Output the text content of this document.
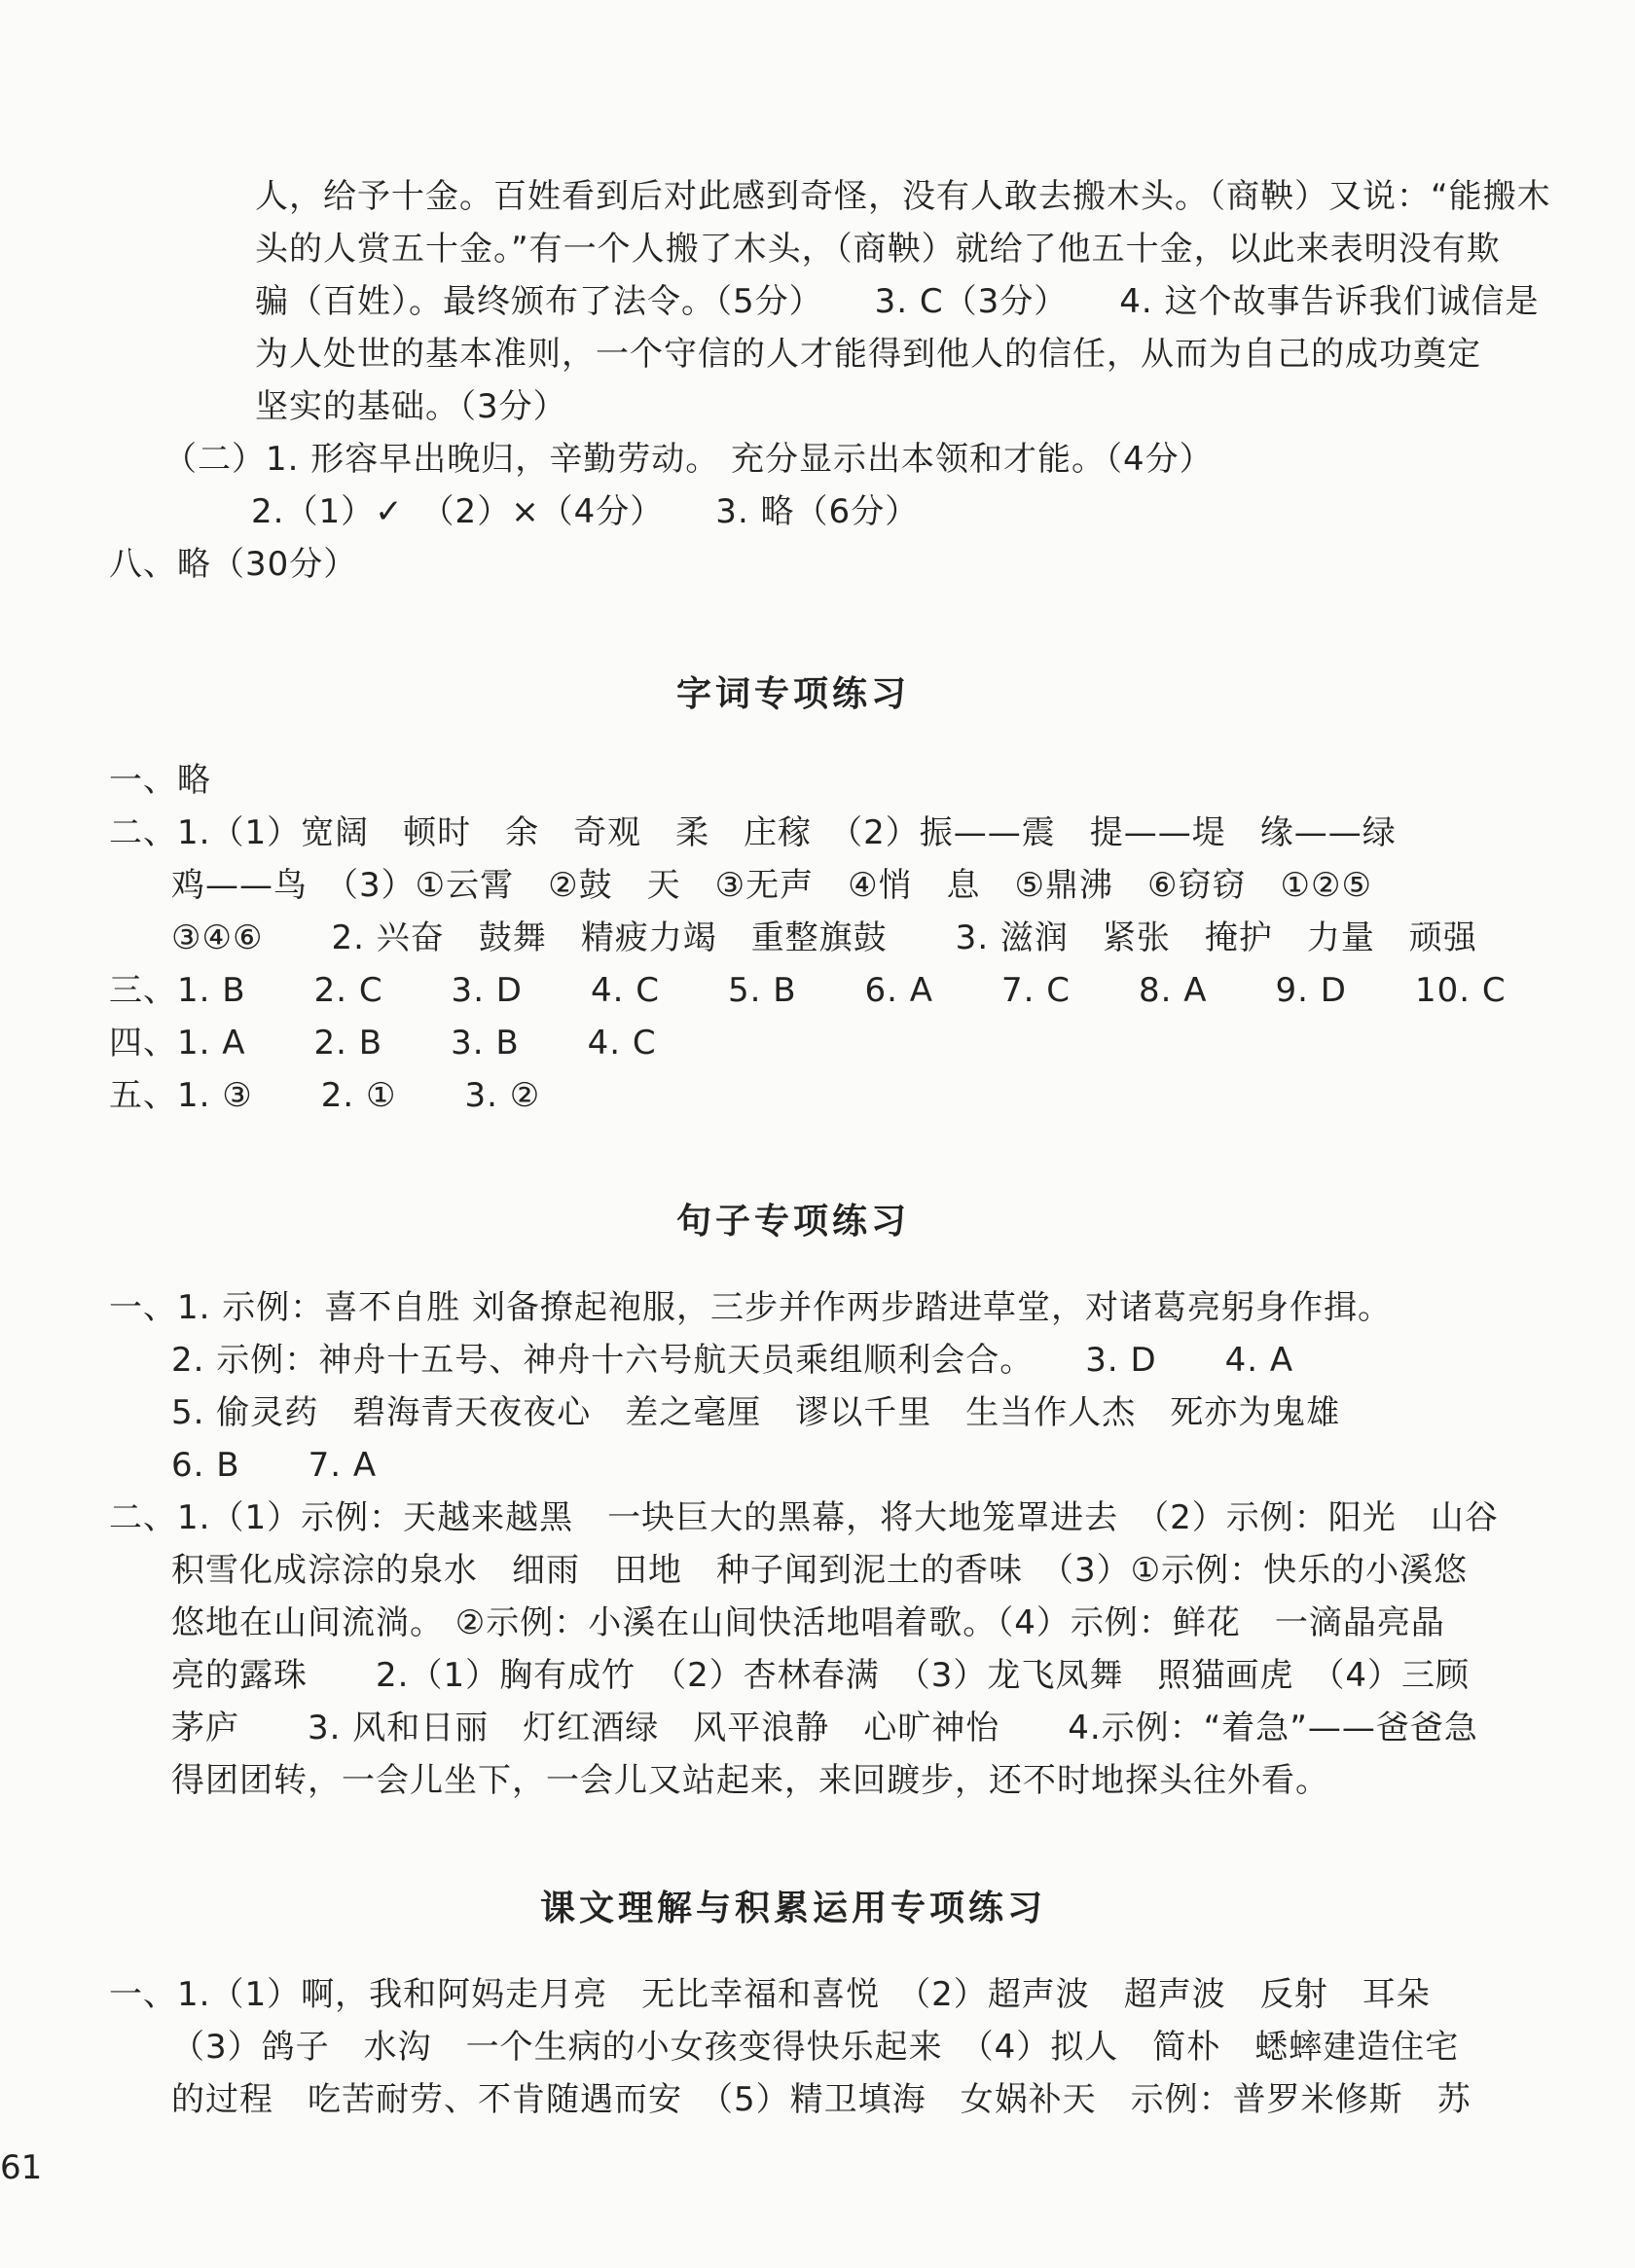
人，给予十金。百姓看到后对此感到奇怪，没有人敢去搬木头。（商鞅）又说：“能搬木
头的人赏五十金。”有一个人搬了木头，（商鞅）就给了他五十金，以此来表明没有欺
骗（百姓）。最终颁布了法令。（5分）　　3. C（3分）　　4. 这个故事告诉我们诚信是
为人处世的基本准则，一个守信的人才能得到他人的信任，从而为自己的成功奠定
坚实的基础。（3分）
（二）1. 形容早出晚归，辛勤劳动。 充分显示出本领和才能。（4分）
2.（1）✓　（2）×（4分）　　3. 略（6分）
八、略（30分）
字词专项练习
一、略
二、1.（1）宽阔　顿时　余　奇观　柔　庄稼　（2）振——震　提——堤　缘——绿
鸡——鸟　（3）①云霄　②鼓　天　③无声　④悄　息　⑤鼎沸　⑥窃窃　①②⑤
③④⑥　　2. 兴奋　鼓舞　精疲力竭　重整旗鼓　　3. 滋润　紧张　掩护　力量　顽强
三、1. B　　2. C　　3. D　　4. C　　5. B　　6. A　　7. C　　8. A　　9. D　　10. C
四、1. A　　2. B　　3. B　　4. C
五、1. ③　　2. ①　　3. ②
句子专项练习
一、1. 示例：喜不自胜 刘备撩起袍服，三步并作两步踏进草堂，对诸葛亮躬身作揖。
2. 示例：神舟十五号、神舟十六号航天员乘组顺利会合。　　3. D　　4. A
5. 偷灵药　碧海青天夜夜心　差之毫厘　谬以千里　生当作人杰　死亦为鬼雄
6. B　　7. A
二、1.（1）示例：天越来越黑　一块巨大的黑幕，将大地笼罩进去　（2）示例：阳光　山谷
积雪化成淙淙的泉水　细雨　田地　种子闻到泥土的香味　（3）①示例：快乐的小溪悠
悠地在山间流淌。 ②示例：小溪在山间快活地唱着歌。（4）示例：鲜花　一滴晶亮晶
亮的露珠　　2.（1）胸有成竹　（2）杏林春满　（3）龙飞凤舞　照猫画虎　（4）三顾
茅庐　　3. 风和日丽　灯红酒绿　风平浪静　心旷神怡　　4.示例：“着急”——爸爸急
得团团转，一会儿坐下，一会儿又站起来，来回踱步，还不时地探头往外看。
课文理解与积累运用专项练习
一、1.（1）啊，我和阿妈走月亮　无比幸福和喜悦　（2）超声波　超声波　反射　耳朵
（3）鸽子　水沟　一个生病的小女孩变得快乐起来　（4）拟人　简朴　蟋蟀建造住宅
的过程　吃苦耐劳、不肯随遇而安　（5）精卫填海　女娲补天　示例：普罗米修斯　苏
61
